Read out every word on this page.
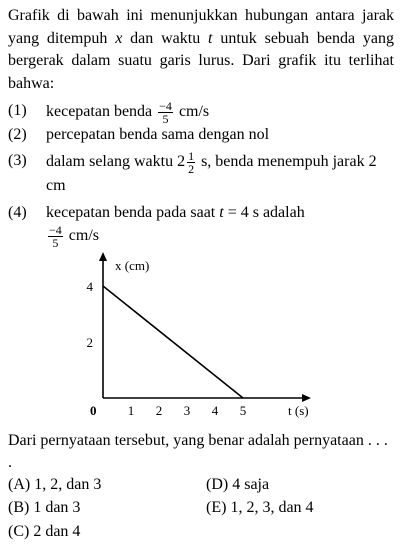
Grafik di bawah ini menunjukkan hubungan antara jarak yang ditempuh x dan waktu t untuk sebuah benda yang bergerak dalam suatu garis lurus. Dari grafik itu terlihat bahwa:
(1) kecepatan benda $\frac{-4}{5} cm/s$
(2) percepatan benda sama dengan nol
(3) dalam selang waktu $2 \frac{1}{2} s$, benda menempuh jarak 2 cm
(4) kecepatan benda pada saat t = 4 s adalah

$\frac{-4}{5} cm/s$
x (cm)
t (s)
0 1 2 3 4 5
2
4
Dari pernyataan tersebut, yang benar adalah pernyataan . . . .
(A) 1, 2, dan 3
(B) 1 dan 3
(C) 2 dan 4
(D) 4 saja
(E) 1, 2, 3, dan 4
